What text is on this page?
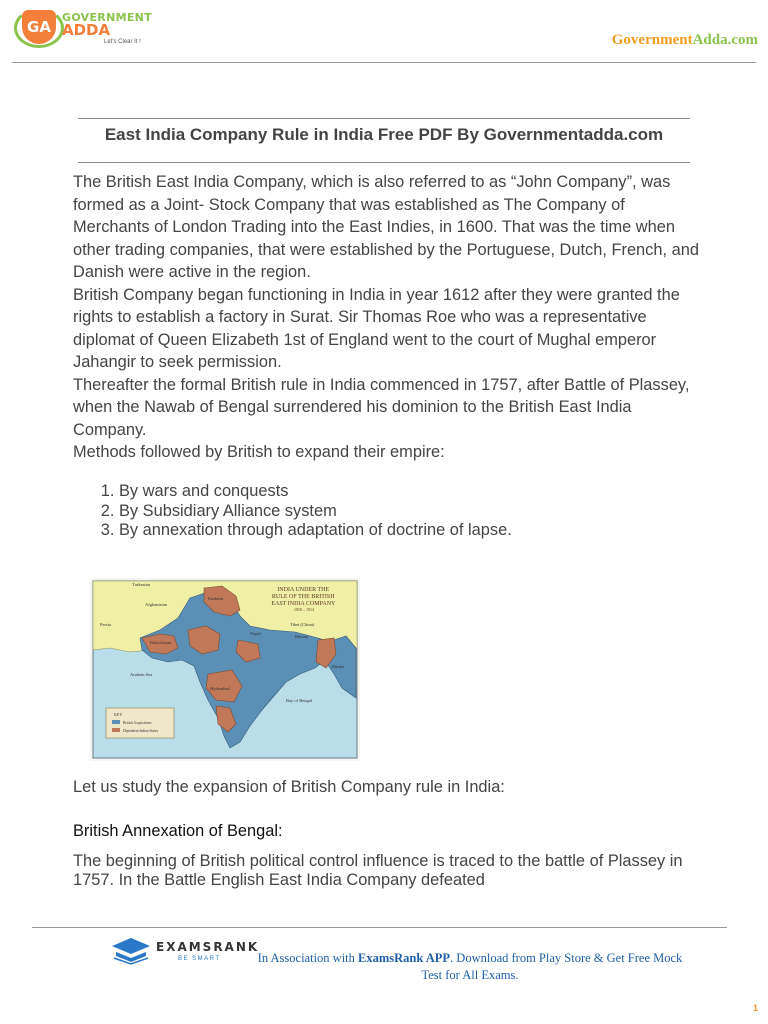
GA
GOVERNMENT
ADDA
Let's Clear It !	GovernmentAdda.com
East India Company Rule in India Free PDF By Governmentadda.com

The British East India Company, which is also referred to as “John Company”, was formed as a Joint- Stock Company that was established as The Company of Merchants of London Trading into the East Indies, in 1600. That was the time when other trading companies, that were established by the Portuguese, Dutch, French, and Danish were active in the region.

British Company began functioning in India in year 1612 after they were granted the rights to establish a factory in Surat. Sir Thomas Roe who was a representative diplomat of Queen Elizabeth 1st of England went to the court of Mughal emperor Jahangir to seek permission.

Thereafter the formal British rule in India commenced in 1757, after Battle of Plassey, when the Nawab of Bengal surrendered his dominion to the British East India Company.

Methods followed by British to expand their empire:

1. By wars and conquests
2. By Subsidiary Alliance system
3. By annexation through adaptation of doctrine of lapse.
INDIA UNDER THE RULE OF THE BRITISH EAST INDIA COMPANY 1858 – 1914
Turkestan
Afghanistan
Persia
Baluchistan
Kashmir
Nepal
Tibet (China)
Bhutan
Arabian Sea
Bay of Bengal
Hyderabad
Burma
KEY
British Acquisitions
Dependent Indian States
Let us study the expansion of British Company rule in India:
British Annexation of Bengal:
The beginning of British political control influence is traced to the battle of Plassey in 1757. In the Battle English East India Company defeated
EXAMSRANK
BE SMART	In Association with ExamsRank APP. Download from Play Store & Get Free Mock Test for All Exams.
1
